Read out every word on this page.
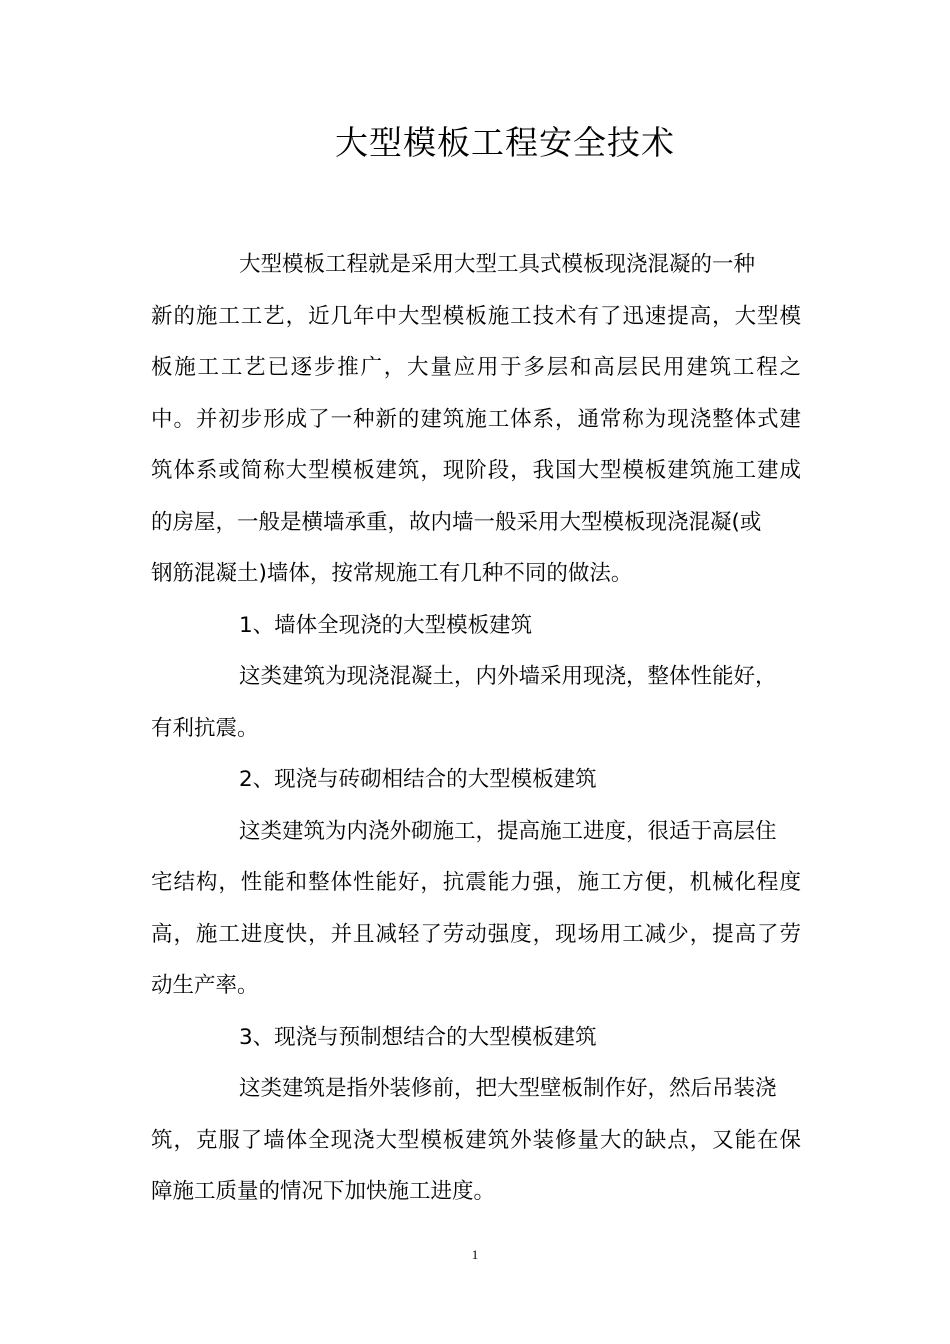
大型模板工程安全技术
大型模板工程就是采用大型工具式模板现浇混凝的一种
新的施工工艺，近几年中大型模板施工技术有了迅速提高，大型模
板施工工艺已逐步推广，大量应用于多层和高层民用建筑工程之
中。并初步形成了一种新的建筑施工体系，通常称为现浇整体式建
筑体系或简称大型模板建筑，现阶段，我国大型模板建筑施工建成
的房屋，一般是横墙承重，故内墙一般采用大型模板现浇混凝(或
钢筋混凝土)墙体，按常规施工有几种不同的做法。
1、墙体全现浇的大型模板建筑
这类建筑为现浇混凝土，内外墙采用现浇，整体性能好，
有利抗震。
2、现浇与砖砌相结合的大型模板建筑
这类建筑为内浇外砌施工，提高施工进度，很适于高层住
宅结构，性能和整体性能好，抗震能力强，施工方便，机械化程度
高，施工进度快，并且减轻了劳动强度，现场用工减少，提高了劳
动生产率。
3、现浇与预制想结合的大型模板建筑
这类建筑是指外装修前，把大型壁板制作好，然后吊装浇
筑，克服了墙体全现浇大型模板建筑外装修量大的缺点，又能在保
障施工质量的情况下加快施工进度。
1
